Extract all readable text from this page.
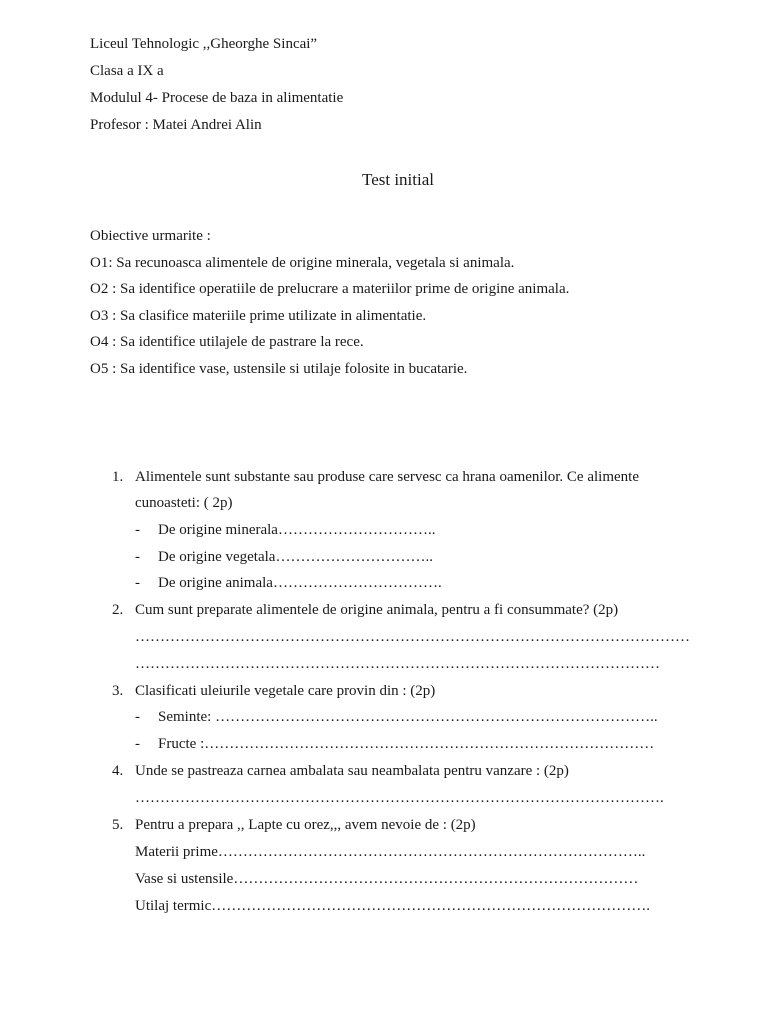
Liceul Tehnologic ,,Gheorghe Sincai”
Clasa a IX a
Modulul 4- Procese de baza in alimentatie
Profesor : Matei Andrei Alin
Test initial
Obiective urmarite :
O1: Sa recunoasca alimentele de origine minerala, vegetala si animala.
O2 : Sa identifice operatiile de prelucrare a materiilor prime de origine animala.
O3 : Sa clasifice materiile prime utilizate in alimentatie.
O4 : Sa identifice utilajele de pastrare la rece.
O5 : Sa identifice vase, ustensile si utilaje folosite in bucatarie.
1. Alimentele sunt substante sau produse care servesc ca hrana oamenilor. Ce alimente
cunoasteti: ( 2p)
- De origine minerala…………………………..
- De origine vegetala…………………………..
- De origine animala…………………………….
2. Cum sunt preparate alimentele de origine animala, pentru a fi consummate? (2p)
…………………………………………………………………………………………………
……………………………………………………………………………………………
3. Clasificati uleiurile vegetale care provin din : (2p)
- Seminte: ……………………………………………………………………………..
- Fructe :………………………………………………………………………………
4. Unde se pastreaza carnea ambalata sau neambalata pentru vanzare : (2p)
…………………………………………………………………………………………….
5. Pentru a prepara ,, Lapte cu orez,,, avem nevoie de : (2p)
Materii prime…………………………………………………………………………..
Vase si ustensile………………………………………………………………………
Utilaj termic…………………………………………………………………………….
